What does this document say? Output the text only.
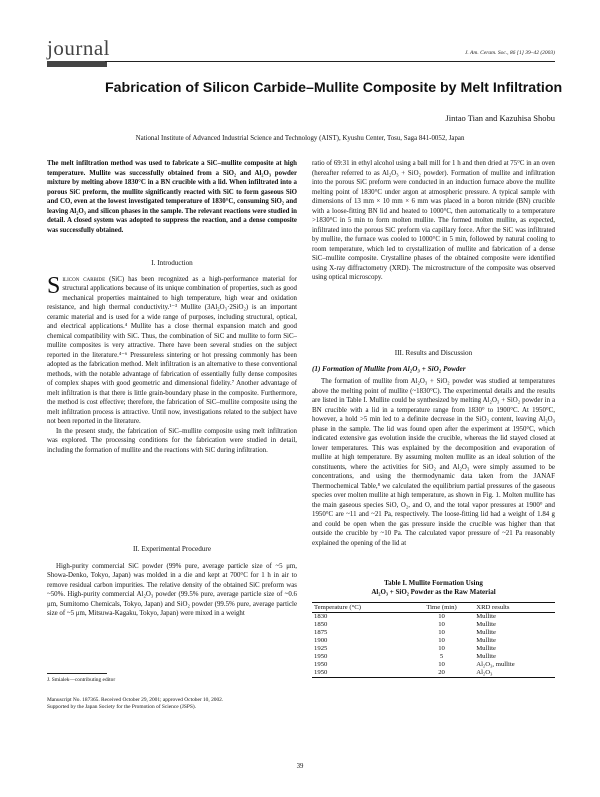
journal	J. Am. Ceram. Soc., 86 [1] 39–42 (2003)
Fabrication of Silicon Carbide–Mullite Composite by Melt Infiltration
Jintao Tian and Kazuhisa Shobu
National Institute of Advanced Industrial Science and Technology (AIST), Kyushu Center, Tosu, Saga 841-0052, Japan

The melt infiltration method was used to fabricate a SiC–mullite composite at high temperature. Mullite was successfully obtained from a SiO₂ and Al₂O₃ powder mixture by melting above 1830°C in a BN crucible with a lid. When infiltrated into a porous SiC preform, the mullite significantly reacted with SiC to form gaseous SiO and CO, even at the lowest investigated temperature of 1830°C, consuming SiO₂ and leaving Al₂O₃ and silicon phases in the sample. The relevant reactions were studied in detail. A closed system was adopted to suppress the reaction, and a dense composite was successfully obtained.

I. Introduction

Silicon carbide (SiC) has been recognized as a high-performance material for structural applications because of its unique combination of properties, such as good mechanical properties maintained to high temperature, high wear and oxidation resistance, and high thermal conductivity.¹⁻³ Mullite (3Al₂O₃·2SiO₂) is an important ceramic material and is used for a wide range of purposes, including structural, optical, and electrical applications.⁴ Mullite has a close thermal expansion match and good chemical compatibility with SiC. Thus, the combination of SiC and mullite to form SiC–mullite composites is very attractive. There have been several studies on the subject reported in the literature.⁴⁻⁶ Pressureless sintering or hot pressing commonly has been adopted as the fabrication method. Melt infiltration is an alternative to these conventional methods, with the notable advantage of fabrication of essentially fully dense composites of complex shapes with good geometric and dimensional fidelity.⁷ Another advantage of melt infiltration is that there is little grain-boundary phase in the composite. Furthermore, the method is cost effective; therefore, the fabrication of SiC–mullite composite using the melt infiltration process is attractive. Until now, investigations related to the subject have not been reported in the literature.

In the present study, the fabrication of SiC–mullite composite using melt infiltration was explored. The processing conditions for the fabrication were studied in detail, including the formation of mullite and the reactions with SiC during infiltration.

II. Experimental Procedure

High-purity commercial SiC powder (99% pure, average particle size of ~5 μm, Showa-Denko, Tokyo, Japan) was molded in a die and kept at 700°C for 1 h in air to remove residual carbon impurities. The relative density of the obtained SiC preform was ~50%. High-purity commercial Al₂O₃ powder (99.5% pure, average particle size of ~0.6 μm, Sumitomo Chemicals, Tokyo, Japan) and SiO₂ powder (99.5% pure, average particle size of ~5 μm, Mitsuwa-Kagaku, Tokyo, Japan) were mixed in a weight

J. Smialek—contributing editor
Manuscript No. 187365. Received October 29, 2001; approved October 10, 2002.
Supported by the Japan Society for the Promotion of Science (JSPS).

ratio of 69:31 in ethyl alcohol using a ball mill for 1 h and then dried at 75°C in an oven (hereafter referred to as Al₂O₃ + SiO₂ powder). Formation of mullite and infiltration into the porous SiC preform were conducted in an induction furnace above the mullite melting point of 1830°C under argon at atmospheric pressure. A typical sample with dimensions of 13 mm × 10 mm × 6 mm was placed in a boron nitride (BN) crucible with a loose-fitting BN lid and heated to 1000°C, then automatically to a temperature >1830°C in 5 min to form molten mullite. The formed molten mullite, as expected, infiltrated into the porous SiC preform via capillary force. After the SiC was infiltrated by mullite, the furnace was cooled to 1000°C in 5 min, followed by natural cooling to room temperature, which led to crystallization of mullite and fabrication of a dense SiC–mullite composite. Crystalline phases of the obtained composite were identified using X-ray diffractometry (XRD). The microstructure of the composite was observed using optical microscopy.

III. Results and Discussion

(1) Formation of Mullite from Al₂O₃ + SiO₂ Powder

The formation of mullite from Al₂O₃ + SiO₂ powder was studied at temperatures above the melting point of mullite (~1830°C). The experimental details and the results are listed in Table I. Mullite could be synthesized by melting Al₂O₃ + SiO₂ powder in a BN crucible with a lid in a temperature range from 1830° to 1900°C. At 1950°C, however, a hold >5 min led to a definite decrease in the SiO₂ content, leaving Al₂O₃ phase in the sample. The lid was found open after the experiment at 1950°C, which indicated extensive gas evolution inside the crucible, whereas the lid stayed closed at lower temperatures. This was explained by the decomposition and evaporation of mullite at high temperature. By assuming molten mullite as an ideal solution of the constituents, where the activities for SiO₂ and Al₂O₃ were simply assumed to be concentrations, and using the thermodynamic data taken from the JANAF Thermochemical Table,⁸ we calculated the equilibrium partial pressures of the gaseous species over molten mullite at high temperature, as shown in Fig. 1. Molten mullite has the main gaseous species SiO, O₂, and O, and the total vapor pressures at 1900° and 1950°C are ~11 and ~21 Pa, respectively. The loose-fitting lid had a weight of 1.84 g and could be open when the gas pressure inside the crucible was higher than that outside the crucible by ~10 Pa. The calculated vapor pressure of ~21 Pa reasonably explained the opening of the lid at

Table I. Mullite Formation Using
Al₂O₃ + SiO₂ Powder as the Raw Material
Temperature (°C)	Time (min)	XRD results
1830	10	Mullite
1850	10	Mullite
1875	10	Mullite
1900	10	Mullite
1925	10	Mullite
1950	5	Mullite
1950	10	Al₂O₃, mullite
1950	20	Al₂O₃
39
